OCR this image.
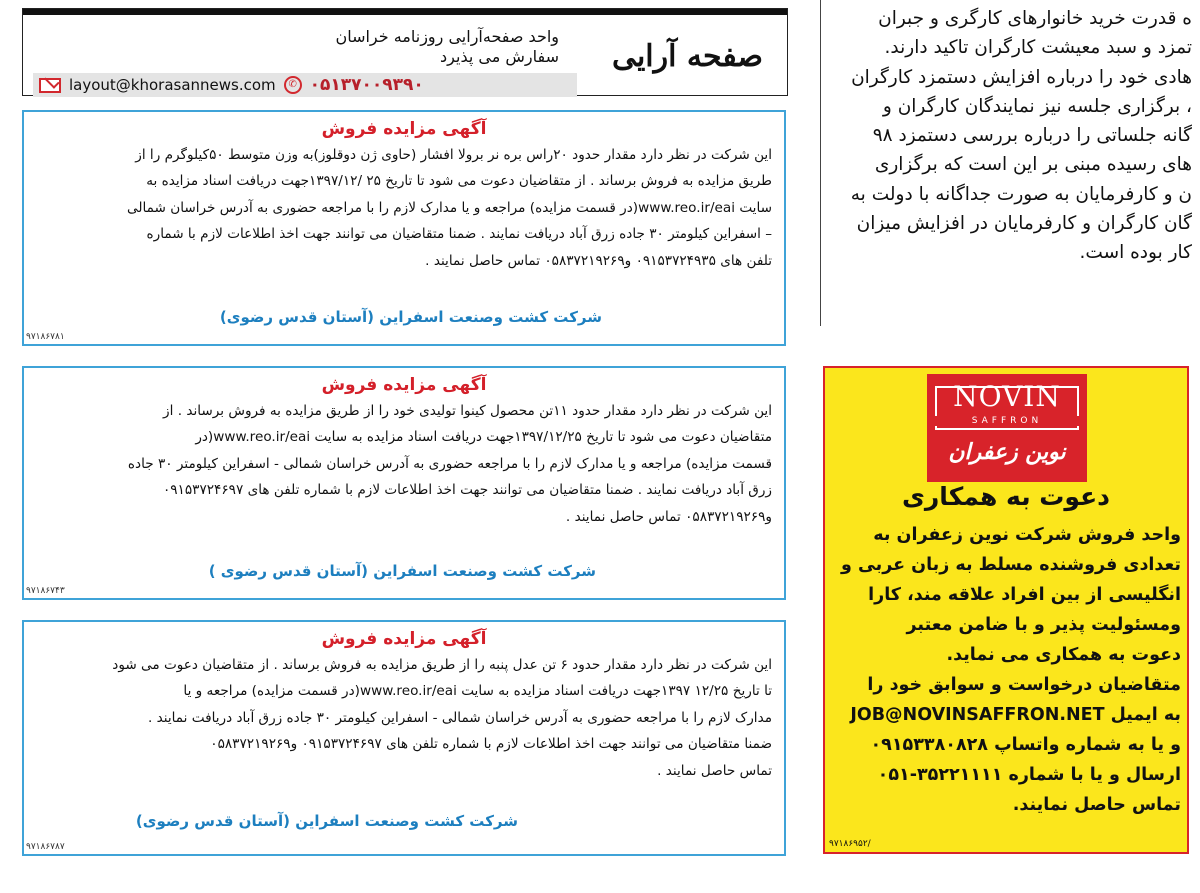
صفحه آرایی
واحد صفحه‌آرایی روزنامه خراسان
سفارش می پذیرد
layout@khorasannews.com	✆ ۰۵۱۳۷۰۰۹۳۹۰

ه قدرت خرید خانوارهای کارگری و جبران

تمزد و سبد معیشت کارگران تاکید دارند.

هادی خود را درباره افزایش دستمزد کارگران

، برگزاری جلسه نیز نمایندگان کارگران و

گانه جلساتی را درباره بررسی دستمزد ۹۸

های رسیده مبنی بر این است که برگزاری

ن و کارفرمایان به صورت جداگانه با دولت به

گان کارگران و کارفرمایان در افزایش میزان

کار بوده است.

آگهی مزایده فروش

این شرکت در نظر دارد مقدار حدود ۲۰راس بره نر برولا افشار (حاوی ژن دوقلوز)به وزن متوسط ۵۰کیلوگرم را از

طریق مزایده به فروش برساند . از متقاضیان دعوت می شود تا تاریخ ۲۵ /۱۳۹۷/۱۲جهت دریافت اسناد مزایده به

سایت www.reo.ir/eai(در قسمت مزایده) مراجعه و یا مدارک لازم را با مراجعه حضوری به آدرس خراسان شمالی

– اسفراین کیلومتر ۳۰ جاده زرق آباد دریافت نمایند . ضمنا متقاضیان می توانند جهت اخذ اطلاعات لازم با شماره

تلفن های ۰۹۱۵۳۷۲۴۹۳۵ و۰۵۸۳۷۲۱۹۲۶۹ تماس حاصل نمایند .

شرکت کشت وصنعت اسفراین (آستان قدس رضوی)
۹۷۱۸۶۷۸۱
آگهی مزایده فروش

این شرکت در نظر دارد مقدار حدود ۱۱تن محصول کینوا تولیدی خود را از طریق مزایده به فروش برساند . از

متقاضیان دعوت می شود تا تاریخ ۱۳۹۷/۱۲/۲۵جهت دریافت اسناد مزایده به سایت www.reo.ir/eai(در

قسمت مزایده) مراجعه و یا مدارک لازم را با مراجعه حضوری به آدرس خراسان شمالی - اسفراین کیلومتر ۳۰ جاده

زرق آباد دریافت نمایند . ضمنا متقاضیان می توانند جهت اخذ اطلاعات لازم با شماره تلفن های ۰۹۱۵۳۷۲۴۶۹۷

و۰۵۸۳۷۲۱۹۲۶۹ تماس حاصل نمایند .

شرکت کشت وصنعت اسفراین (آستان قدس رضوی )
۹۷۱۸۶۷۴۳
آگهی مزایده فروش

این شرکت در نظر دارد مقدار حدود ۶ تن عدل پنبه را از طریق مزایده به فروش برساند . از متقاضیان دعوت می شود

تا تاریخ ۱۲/۲۵ ۱۳۹۷جهت دریافت اسناد مزایده به سایت www.reo.ir/eai(در قسمت مزایده) مراجعه و یا

مدارک لازم را با مراجعه حضوری به آدرس خراسان شمالی - اسفراین کیلومتر ۳۰ جاده زرق آباد دریافت نمایند .

ضمنا متقاضیان می توانند جهت اخذ اطلاعات لازم با شماره تلفن های ۰۹۱۵۳۷۲۴۶۹۷ و۰۵۸۳۷۲۱۹۲۶۹

تماس حاصل نمایند .

شرکت کشت وصنعت اسفراین (آستان قدس رضوی)
۹۷۱۸۶۷۸۷
NOVIN
SAFFRON
نوین زعفران
دعوت به همکاری

واحد فروش شرکت نوین زعفران به

تعدادی فروشنده مسلط به زبان عربی و

انگلیسی از بین افراد علاقه مند، کارا

ومسئولیت پذیر و با ضامن معتبر

دعوت به همکاری می نماید.

متقاضیان درخواست و سوابق خود را

به ایمیل JOB@NOVINSAFFRON.NET

و یا به شماره واتساپ ۰۹۱۵۳۳۸۰۸۲۸

ارسال و یا با شماره ۳۵۲۲۱۱۱۱-۰۵۱

تماس حاصل نمایند.

۹۷۱۸۶۹۵۲/
